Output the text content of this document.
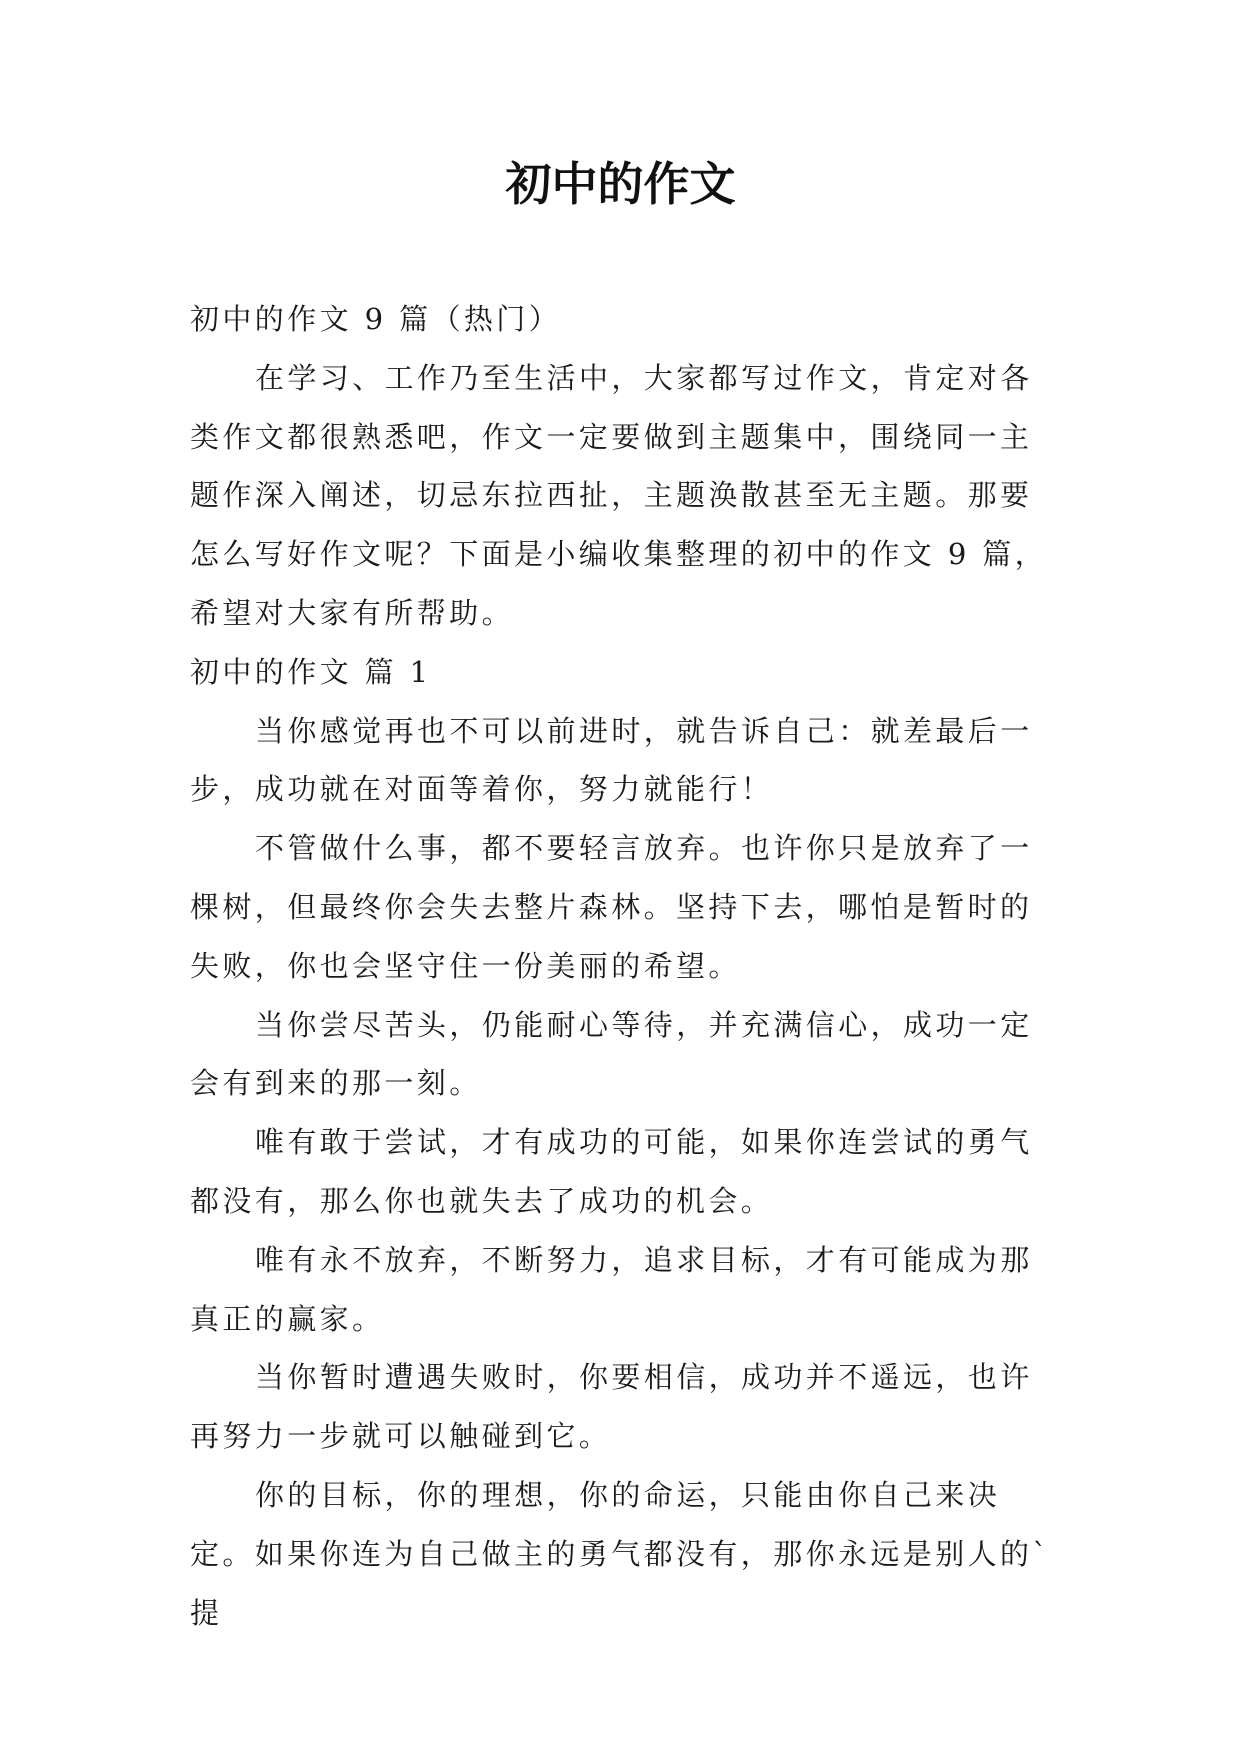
初中的作文

初中的作文 9 篇（热门）

在学习、工作乃至生活中，大家都写过作文，肯定对各类作文都很熟悉吧，作文一定要做到主题集中，围绕同一主题作深入阐述，切忌东拉西扯，主题涣散甚至无主题。那要怎么写好作文呢？下面是小编收集整理的初中的作文 9 篇，希望对大家有所帮助。

初中的作文 篇 1

当你感觉再也不可以前进时，就告诉自己：就差最后一步，成功就在对面等着你，努力就能行！

不管做什么事，都不要轻言放弃。也许你只是放弃了一棵树，但最终你会失去整片森林。坚持下去，哪怕是暂时的失败，你也会坚守住一份美丽的希望。

当你尝尽苦头，仍能耐心等待，并充满信心，成功一定会有到来的那一刻。

唯有敢于尝试，才有成功的可能，如果你连尝试的勇气都没有，那么你也就失去了成功的机会。

唯有永不放弃，不断努力，追求目标，才有可能成为那真正的赢家。

当你暂时遭遇失败时，你要相信，成功并不遥远，也许再努力一步就可以触碰到它。

你的目标，你的理想，你的命运，只能由你自己来决定。如果你连为自己做主的勇气都没有，那你永远是别人的`提
